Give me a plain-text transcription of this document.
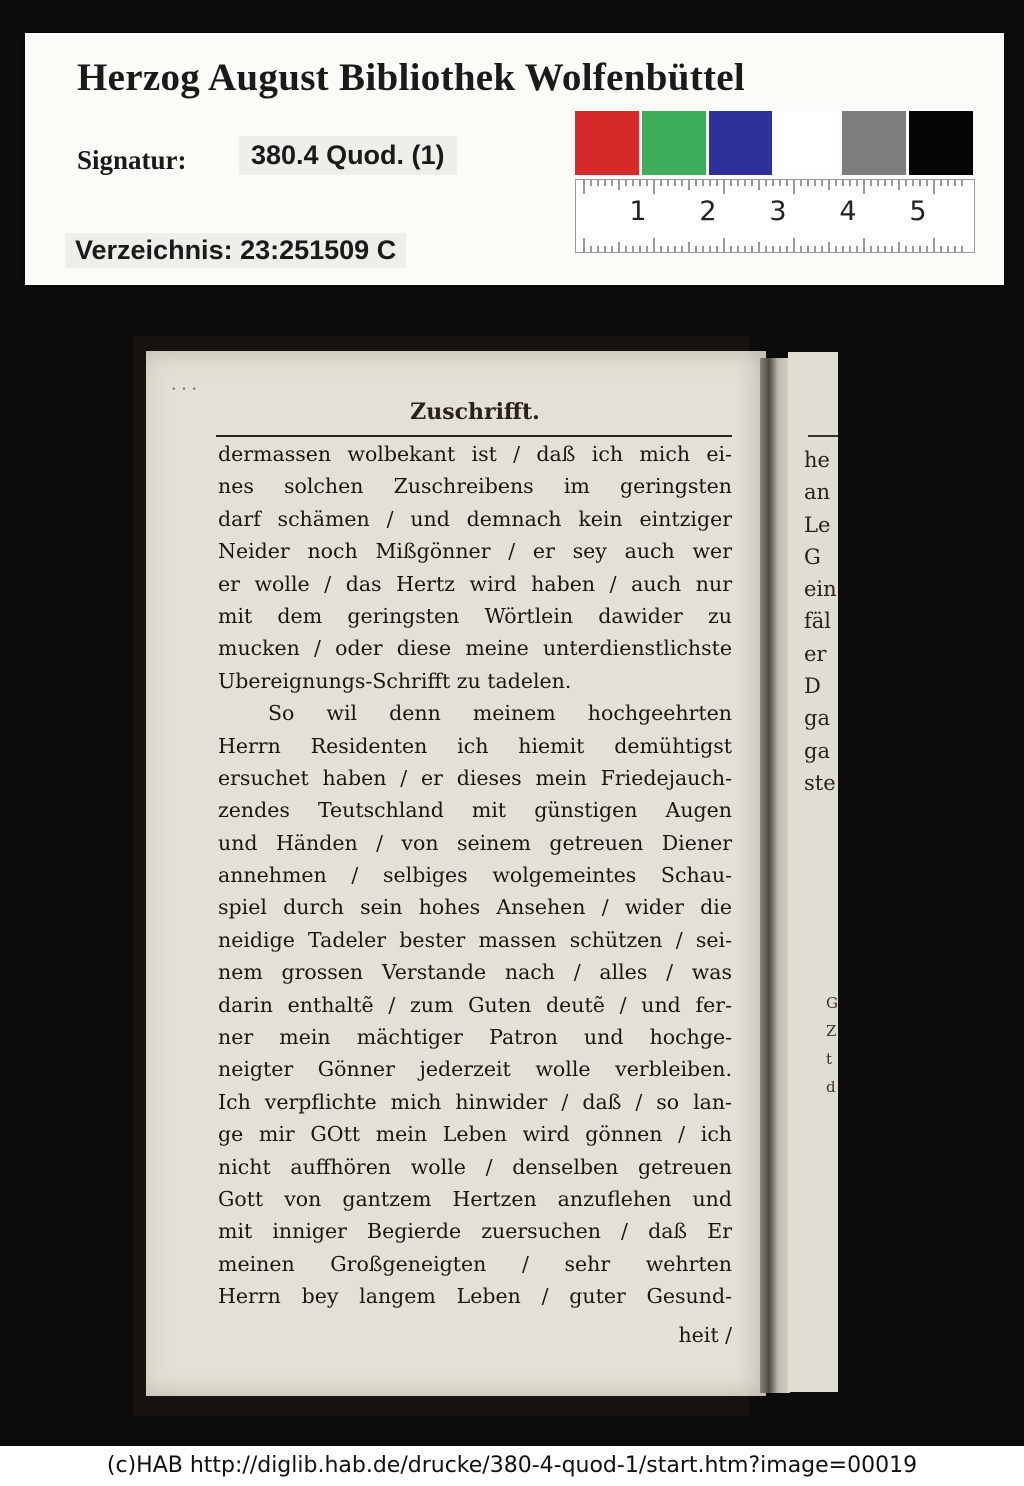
Herzog August Bibliothek Wolfenbüttel
Signatur:	380.4 Quod. (1)
Verzeichnis: 23:251509 C
1 2 3 4 5
he
an
Le
G
ein
fäl
er
D
ga
ga
ste
G
Z
t
d
• • •
Zuschrifft.
dermassen wolbekant ist / daß ich mich ei-
nes solchen Zuschreibens im geringsten
darf schämen / und demnach kein eintziger
Neider noch Mißgönner / er sey auch wer
er wolle / das Hertz wird haben / auch nur
mit dem geringsten Wörtlein dawider zu
mucken / oder diese meine unterdienstlichste
Ubereignungs-Schrifft zu tadelen.
So wil denn meinem hochgeehrten
Herrn Residenten ich hiemit demühtigst
ersuchet haben / er dieses mein Friedejauch-
zendes Teutschland mit günstigen Augen
und Händen / von seinem getreuen Diener
annehmen / selbiges wolgemeintes Schau-
spiel durch sein hohes Ansehen / wider die
neidige Tadeler bester massen schützen / sei-
nem grossen Verstande nach / alles / was
darin enthaltẽ / zum Guten deutẽ / und fer-
ner mein mächtiger Patron und hochge-
neigter Gönner jederzeit wolle verbleiben.
Ich verpflichte mich hinwider / daß / so lan-
ge mir GOtt mein Leben wird gönnen / ich
nicht auffhören wolle / denselben getreuen
Gott von gantzem Hertzen anzuflehen und
mit inniger Begierde zuersuchen / daß Er
meinen Großgeneigten / sehr wehrten
Herrn bey langem Leben / guter Gesund-
heit /
(c)HAB http://diglib.hab.de/drucke/380-4-quod-1/start.htm?image=00019
